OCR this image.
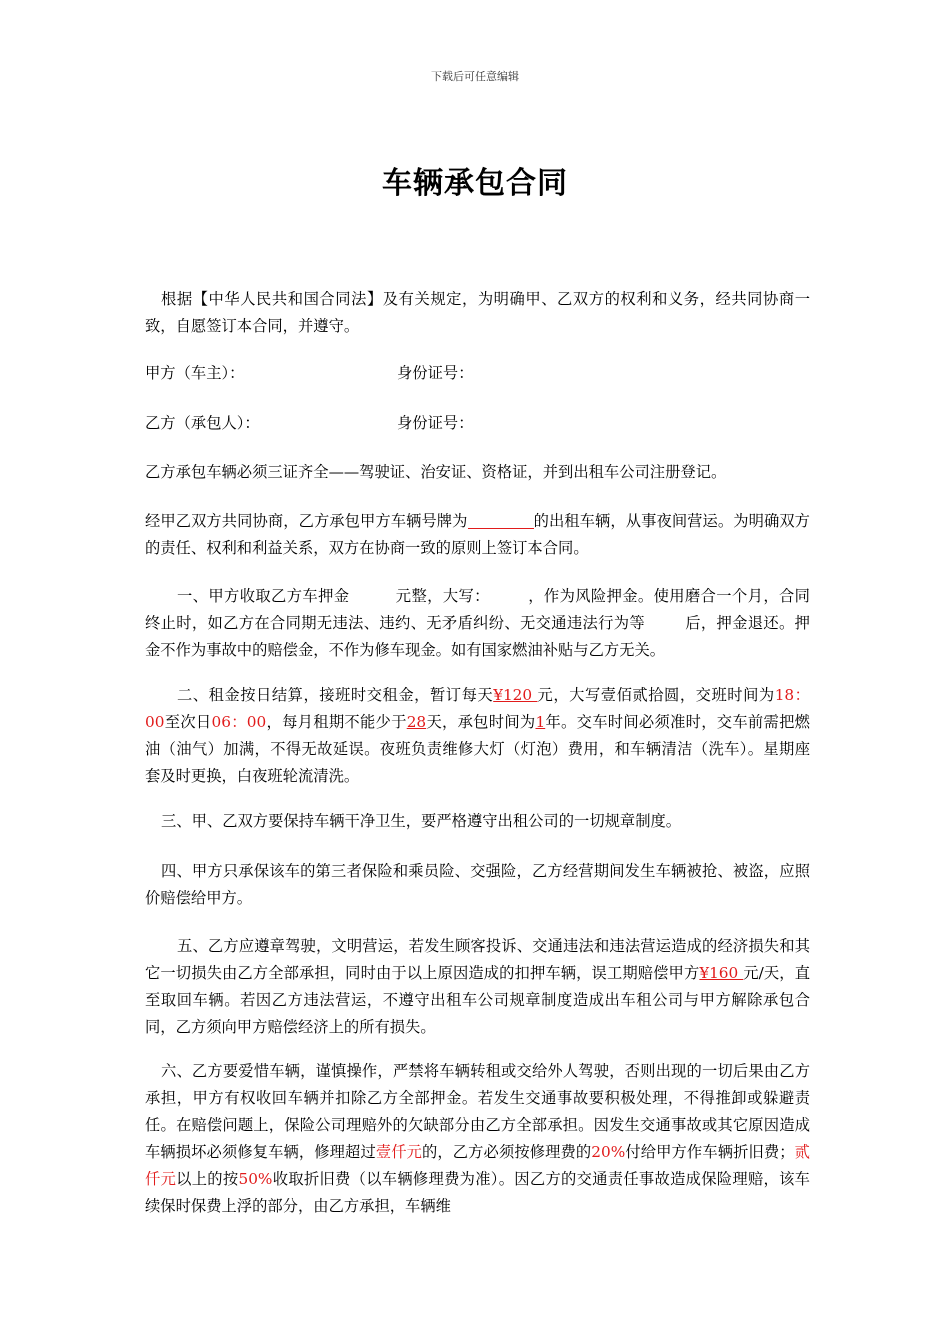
下载后可任意编辑
车辆承包合同
根据【中华人民共和国合同法】及有关规定，为明确甲、乙双方的权利和义务，经共同协商一致，自愿签订本合同，并遵守。
甲方（车主）：	身份证号：
乙方（承包人）：	身份证号：
乙方承包车辆必须三证齐全——驾驶证、治安证、资格证，并到出租车公司注册登记。
经甲乙双方共同协商，乙方承包甲方车辆号牌为	的出租车辆，从事夜间营运。为明确双方的责任、权利和利益关系，双方在协商一致的原则上签订本合同。
一、甲方收取乙方车押金	元整，大写： ，作为风险押金。使用磨合一个月，合同终止时，如乙方在合同期无违法、违约、无矛盾纠纷、无交通违法行为等	后，押金退还。押金不作为事故中的赔偿金，不作为修车现金。如有国家燃油补贴与乙方无关。
二、租金按日结算，接班时交租金，暂订每天¥120 元，大写壹佰贰拾圆，交班时间为18：00至次日06：00，每月租期不能少于28天，承包时间为1年。交车时间必须准时，交车前需把燃油（油气）加满，不得无故延误。夜班负责维修大灯（灯泡）费用，和车辆清洁（洗车）。星期座套及时更换，白夜班轮流清洗。
三、甲、乙双方要保持车辆干净卫生，要严格遵守出租公司的一切规章制度。
四、甲方只承保该车的第三者保险和乘员险、交强险，乙方经营期间发生车辆被抢、被盗，应照价赔偿给甲方。
五、乙方应遵章驾驶，文明营运，若发生顾客投诉、交通违法和违法营运造成的经济损失和其它一切损失由乙方全部承担，同时由于以上原因造成的扣押车辆，误工期赔偿甲方¥160 元/天，直至取回车辆。若因乙方违法营运，不遵守出租车公司规章制度造成出车租公司与甲方解除承包合同，乙方须向甲方赔偿经济上的所有损失。
六、乙方要爱惜车辆，谨慎操作，严禁将车辆转租或交给外人驾驶，否则出现的一切后果由乙方承担，甲方有权收回车辆并扣除乙方全部押金。若发生交通事故要积极处理，不得推卸或躲避责任。在赔偿问题上，保险公司理赔外的欠缺部分由乙方全部承担。因发生交通事故或其它原因造成车辆损坏必须修复车辆，修理超过壹仟元的，乙方必须按修理费的20%付给甲方作车辆折旧费；贰仟元以上的按50%收取折旧费（以车辆修理费为准）。因乙方的交通责任事故造成保险理赔，该车续保时保费上浮的部分，由乙方承担，车辆维
